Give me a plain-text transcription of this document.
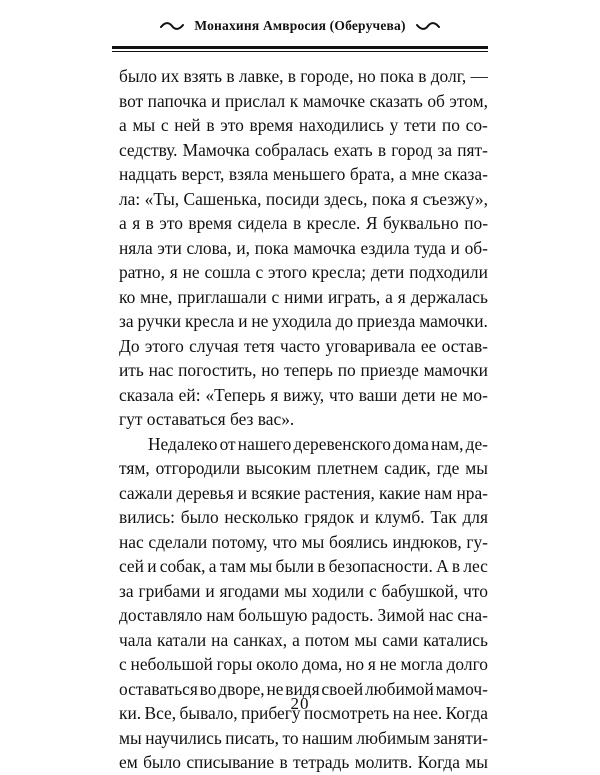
Монахиня Амвросия (Оберучева)
было их взять в лавке, в городе, но пока в долг, —
вот папочка и прислал к мамочке сказать об этом,
а мы с ней в это время находились у тети по со-
седству. Мамочка собралась ехать в город за пят-
надцать верст, взяла меньшего брата, а мне сказа-
ла: «Ты, Сашенька, посиди здесь, пока я съезжу»,
а я в это время сидела в кресле. Я буквально по-
няла эти слова, и, пока мамочка ездила туда и об-
ратно, я не сошла с этого кресла; дети подходили
ко мне, приглашали с ними играть, а я держалась
за ручки кресла и не уходила до приезда мамочки.
До этого случая тетя часто уговаривала ее остав-
ить нас погостить, но теперь по приезде мамочки
сказала ей: «Теперь я вижу, что ваши дети не мо-
гут оставаться без вас».
Недалеко от нашего деревенского дома нам, де-
тям, отгородили высоким плетнем садик, где мы
сажали деревья и всякие растения, какие нам нра-
вились: было несколько грядок и клумб. Так для
нас сделали потому, что мы боялись индюков, гу-
сей и собак, а там мы были в безопасности. А в лес
за грибами и ягодами мы ходили с бабушкой, что
доставляло нам большую радость. Зимой нас сна-
чала катали на санках, а потом мы сами катались
с небольшой горы около дома, но я не могла долго
оставаться во дворе, не видя своей любимой мамоч-
ки. Все, бывало, прибегу посмотреть на нее. Когда
мы научились писать, то нашим любимым заняти-
ем было списывание в тетрадь молитв. Когда мы
20
